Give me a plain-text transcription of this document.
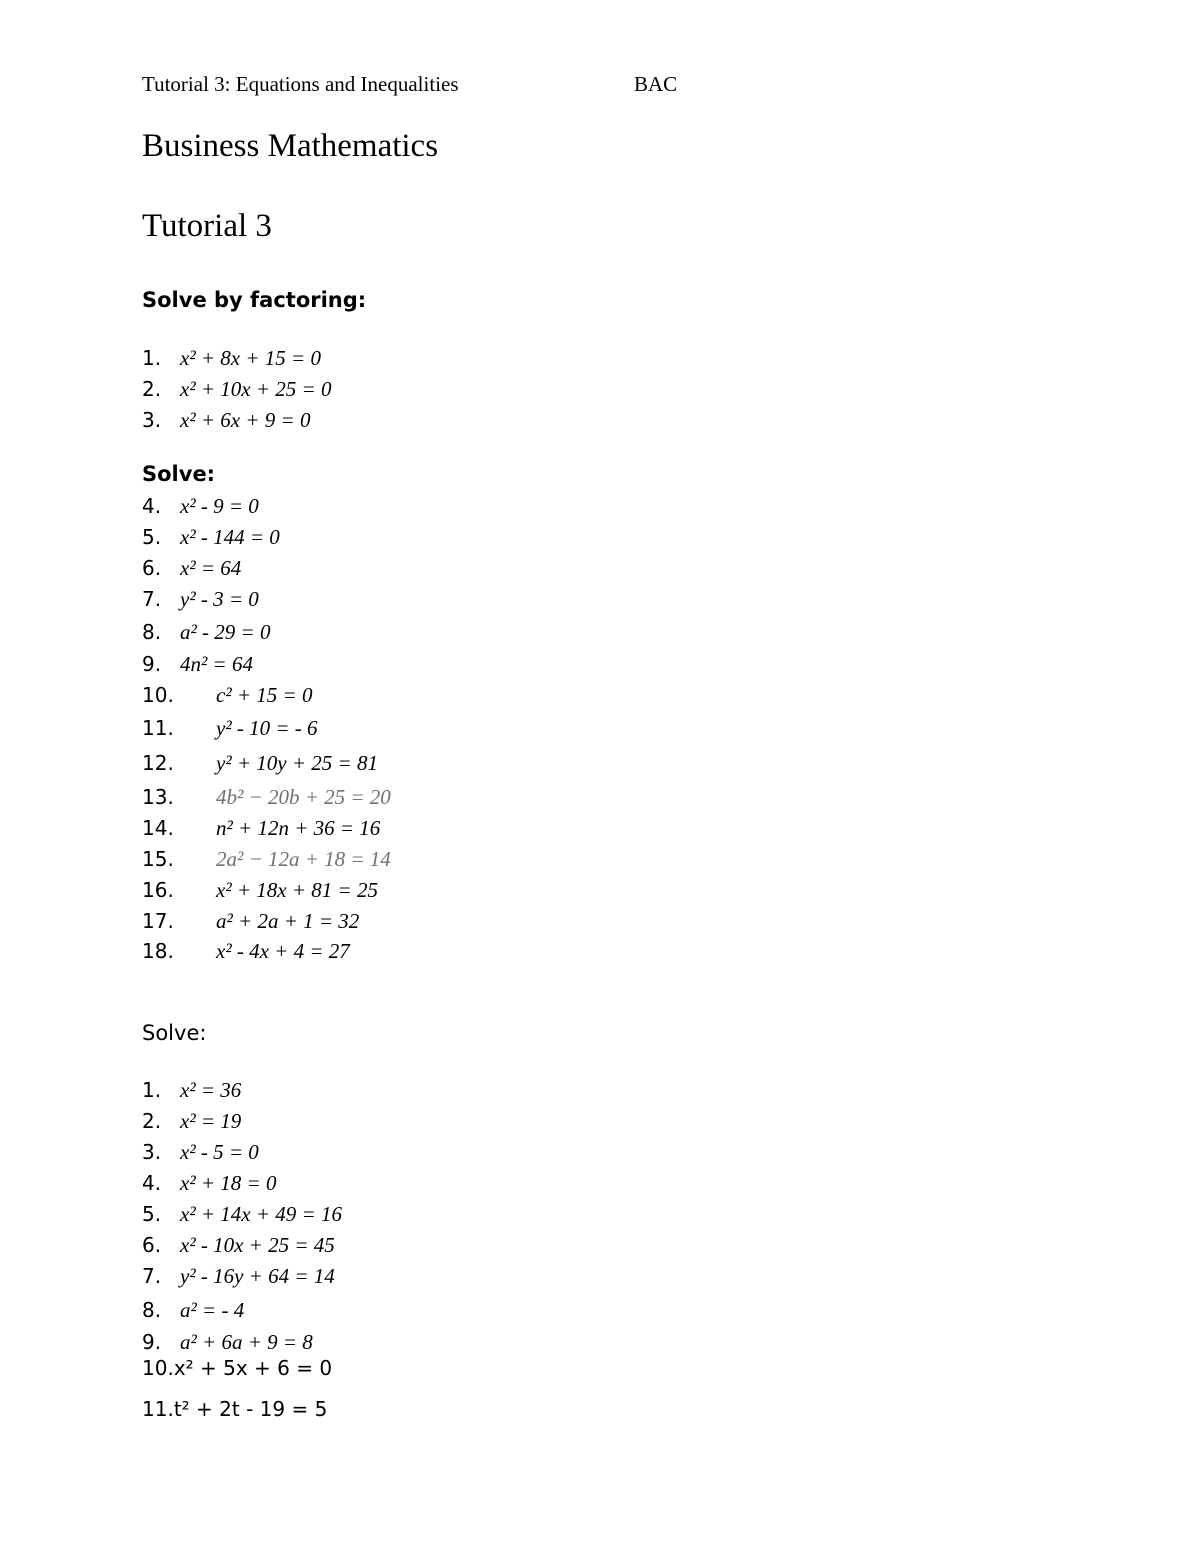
Tutorial 3: Equations and Inequalities	BAC
Business Mathematics
Tutorial 3
Solve by factoring:
1. x² + 8x + 15 = 0
2. x² + 10x + 25 = 0
3. x² + 6x + 9 = 0
Solve:
4. x² - 9 = 0
5. x² - 144 = 0
6. x² = 64
7. y² - 3 = 0
8. a² - 29 = 0
9. 4n² = 64
10. c² + 15 = 0
11. y² - 10 = - 6
12. y² + 10y + 25 = 81
13. 4b² − 20b + 25 = 20
14. n² + 12n + 36 = 16
15. 2a² − 12a + 18 = 14
16. x² + 18x + 81 = 25
17. a² + 2a + 1 = 32
18. x² - 4x + 4 = 27
Solve:
1. x² = 36
2. x² = 19
3. x² - 5 = 0
4. x² + 18 = 0
5. x² + 14x + 49 = 16
6. x² - 10x + 25 = 45
7. y² - 16y + 64 = 14
8. a² = - 4
9. a² + 6a + 9 = 8
10.x² + 5x + 6 = 0
11.t² + 2t - 19 = 5
